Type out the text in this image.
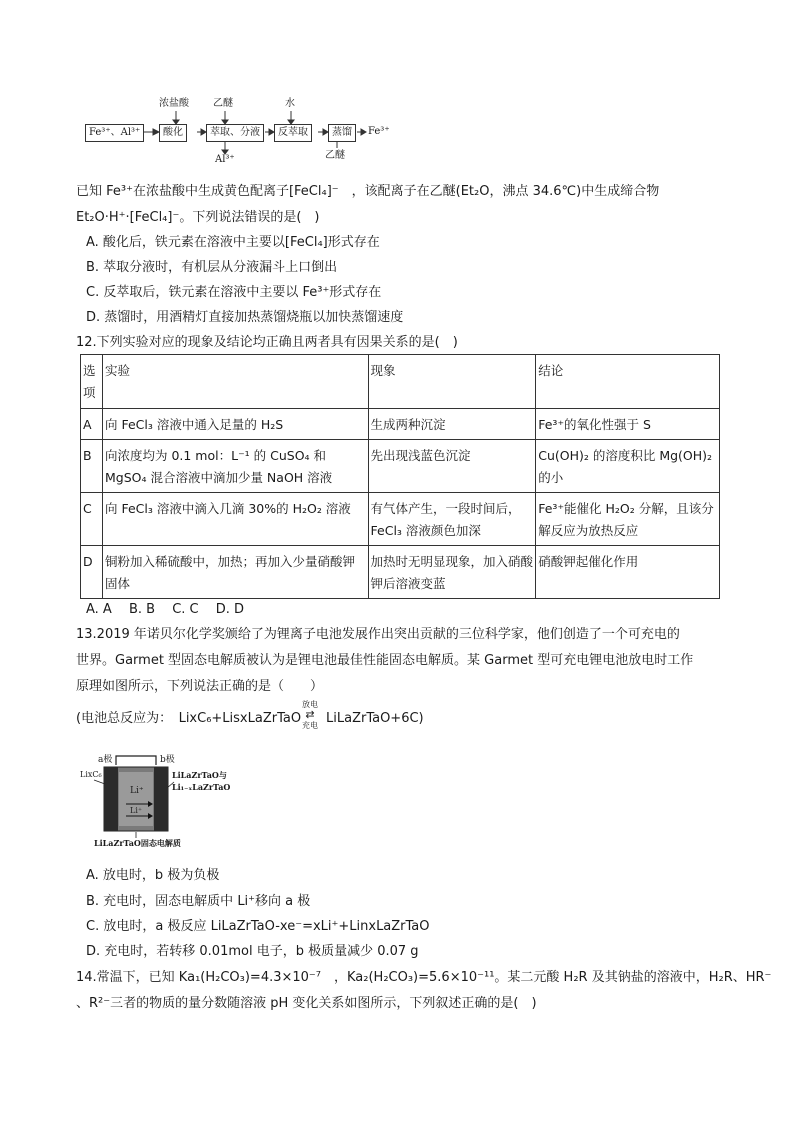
浓盐酸 乙醚	水
Fe³⁺、Al³⁺	酸化	萃取、分液	反萃取	蒸馏	Fe³⁺
Al³⁺	乙醚
已知 Fe³⁺在浓盐酸中生成黄色配离子[FeCl₄]⁻　，该配离子在乙醚(Et₂O，沸点 34.6℃)中生成缔合物
Et₂O·H⁺·[FeCl₄]⁻。下列说法错误的是(　)
A. 酸化后，铁元素在溶液中主要以[FeCl₄]形式存在
B. 萃取分液时，有机层从分液漏斗上口倒出
C. 反萃取后，铁元素在溶液中主要以 Fe³⁺形式存在
D. 蒸馏时，用酒精灯直接加热蒸馏烧瓶以加快蒸馏速度
12.下列实验对应的现象及结论均正确且两者具有因果关系的是(　)
选项	实验	现象	结论
A	向 FeCl₃ 溶液中通入足量的 H₂S	生成两种沉淀	Fe³⁺的氧化性强于 S
B	向浓度均为 0.1 mol：L⁻¹ 的 CuSO₄ 和 MgSO₄ 混合溶液中滴加少量 NaOH 溶液	先出现浅蓝色沉淀	Cu(OH)₂ 的溶度积比 Mg(OH)₂ 的小
C	向 FeCl₃ 溶液中滴入几滴 30%的 H₂O₂ 溶液	有气体产生，一段时间后，FeCl₃ 溶液颜色加深	Fe³⁺能催化 H₂O₂ 分解，且该分解反应为放热反应
D	铜粉加入稀硫酸中，加热；再加入少量硝酸钾固体	加热时无明显现象，加入硝酸钾后溶液变蓝	硝酸钾起催化作用
A. A　 B. B　 C. C　 D. D
13.2019 年诺贝尔化学奖颁给了为锂离子电池发展作出突出贡献的三位科学家，他们创造了一个可充电的
世界。Garmet 型固态电解质被认为是锂电池最佳性能固态电解质。某 Garmet 型可充电锂电池放电时工作
原理如图所示，下列说法正确的是（　　）
(电池总反应为：　LixC₆+LisxLaZrTaO
放电
⇄
充电 LiLaZrTaO+6C)
a极	b极
LixC₆	LiLaZrTaO与
Li₁₋ₓLaZrTaO
Li⁺
Li⁺
LiLaZrTaO固态电解质
A. 放电时，b 极为负极
B. 充电时，固态电解质中 Li⁺移向 a 极
C. 放电时，a 极反应 LiLaZrTaO-xe⁻=xLi⁺+LinxLaZrTaO
D. 充电时，若转移 0.01mol 电子，b 极质量减少 0.07 g
14.常温下，已知 Ka₁(H₂CO₃)=4.3×10⁻⁷　，Ka₂(H₂CO₃)=5.6×10⁻¹¹。某二元酸 H₂R 及其钠盐的溶液中，H₂R、HR⁻
、R²⁻三者的物质的量分数随溶液 pH 变化关系如图所示，下列叙述正确的是(　)
